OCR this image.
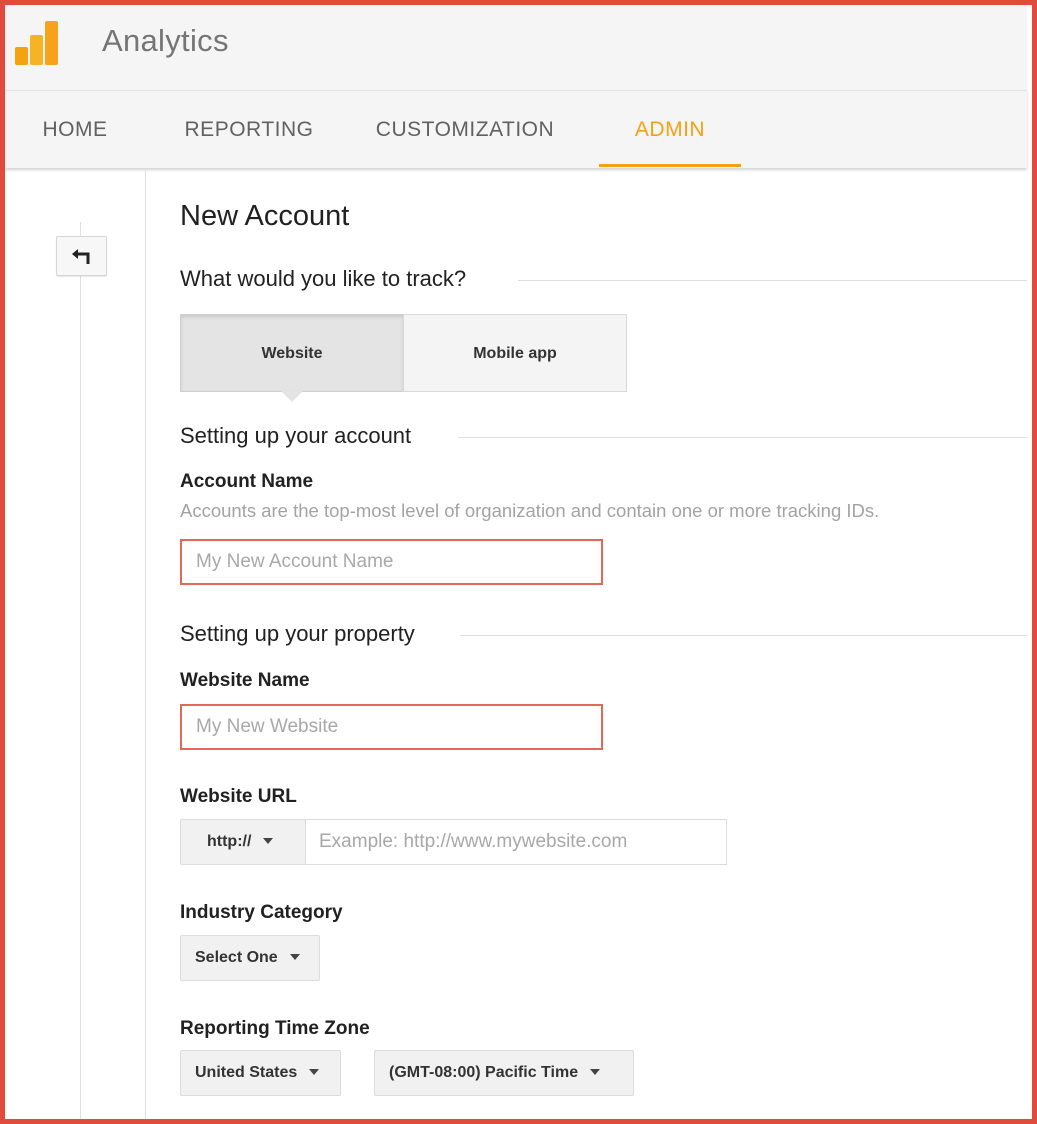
Analytics
HOME	REPORTING	CUSTOMIZATION	ADMIN
New Account
What would you like to track?
Website	Mobile app
Setting up your account
Account Name
Accounts are the top-most level of organization and contain one or more tracking IDs.
My New Account Name
Setting up your property
Website Name
My New Website
Website URL
http://
Example: http://www.mywebsite.com
Industry Category
Select One
Reporting Time Zone
United States	(GMT-08:00) Pacific Time
